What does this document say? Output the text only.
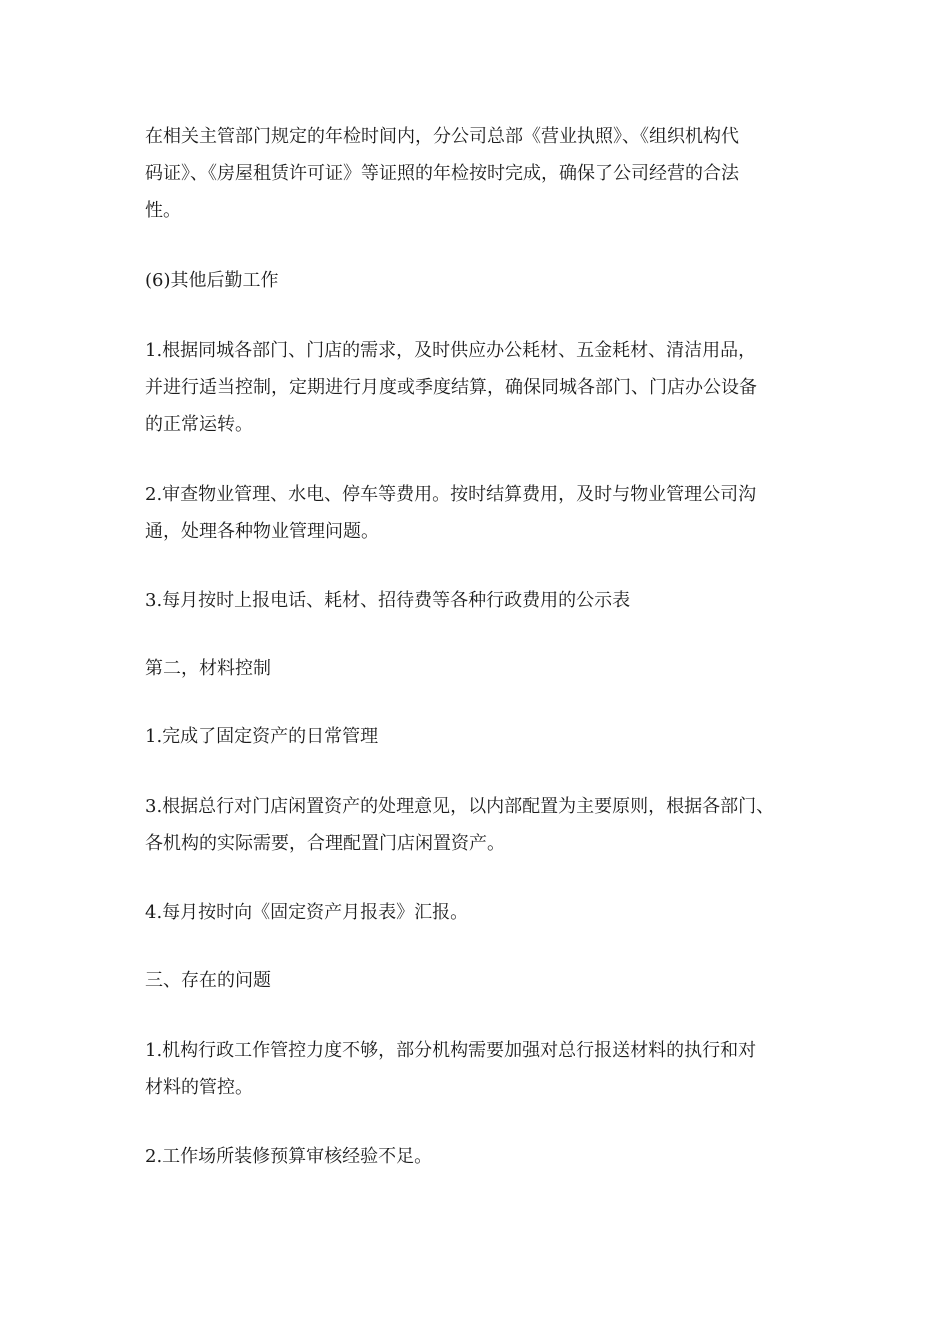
在相关主管部门规定的年检时间内，分公司总部《营业执照》、《组织机构代
码证》、《房屋租赁许可证》等证照的年检按时完成，确保了公司经营的合法
性。

(6)其他后勤工作

1.根据同城各部门、门店的需求，及时供应办公耗材、五金耗材、清洁用品，
并进行适当控制，定期进行月度或季度结算，确保同城各部门、门店办公设备
的正常运转。

2.审查物业管理、水电、停车等费用。按时结算费用，及时与物业管理公司沟
通，处理各种物业管理问题。

3.每月按时上报电话、耗材、招待费等各种行政费用的公示表

第二，材料控制

1.完成了固定资产的日常管理

3.根据总行对门店闲置资产的处理意见，以内部配置为主要原则，根据各部门、
各机构的实际需要，合理配置门店闲置资产。

4.每月按时向《固定资产月报表》汇报。

三、存在的问题

1.机构行政工作管控力度不够，部分机构需要加强对总行报送材料的执行和对
材料的管控。

2.工作场所装修预算审核经验不足。
